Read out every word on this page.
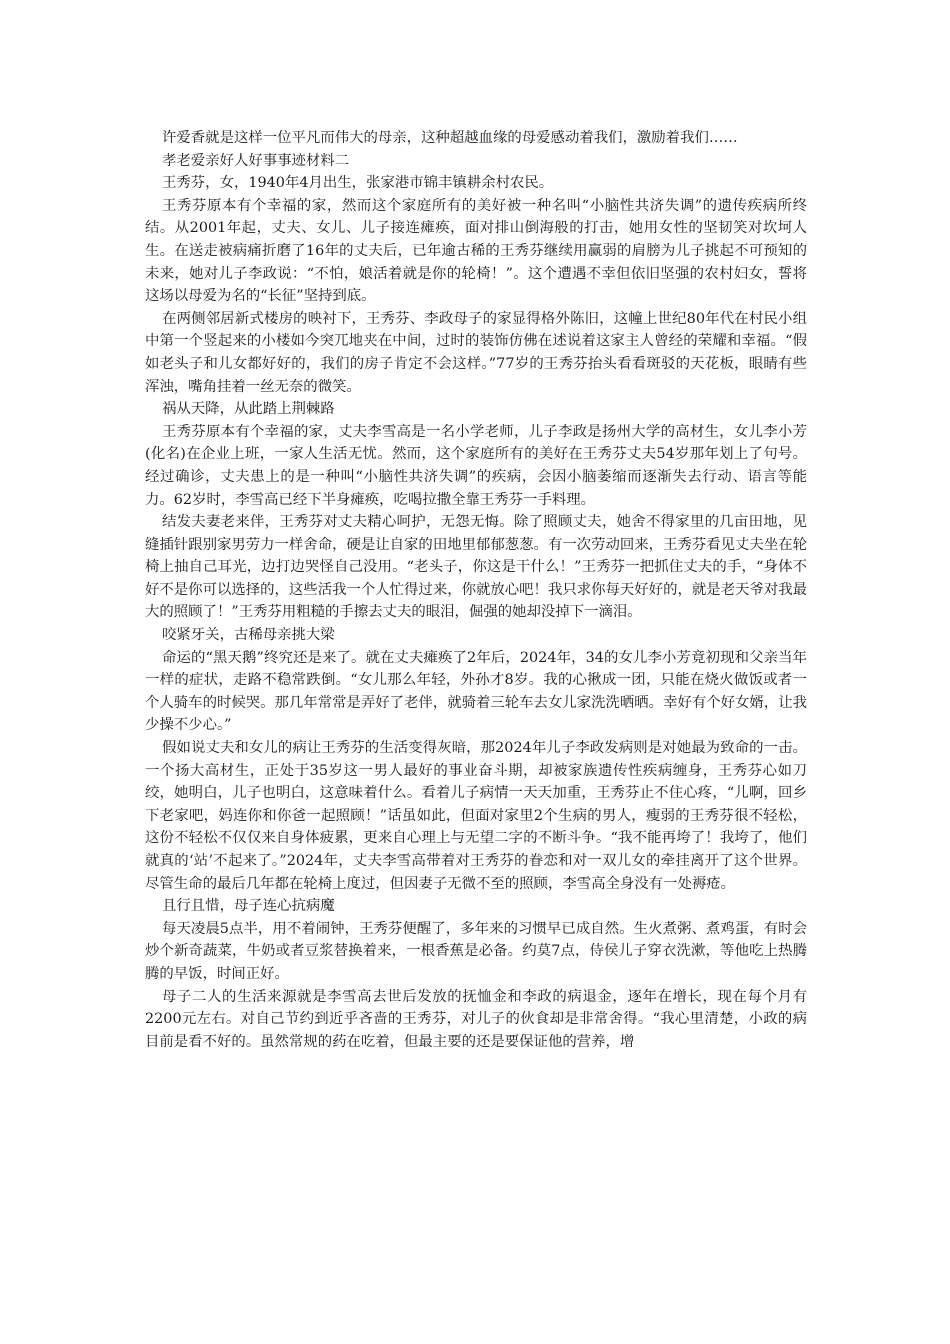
许爱香就是这样一位平凡而伟大的母亲，这种超越血缘的母爱感动着我们，激励着我们……

孝老爱亲好人好事事迹材料二

王秀芬，女，1940年4月出生，张家港市锦丰镇耕余村农民。

王秀芬原本有个幸福的家，然而这个家庭所有的美好被一种名叫“小脑性共济失调”的遗传疾病所终结。从2001年起，丈夫、女儿、儿子接连瘫痪，面对排山倒海般的打击，她用女性的坚韧笑对坎坷人生。在送走被病痛折磨了16年的丈夫后，已年逾古稀的王秀芬继续用赢弱的肩膀为儿子挑起不可预知的未来，她对儿子李政说：“不怕，娘活着就是你的轮椅！”。这个遭遇不幸但依旧坚强的农村妇女，誓将这场以母爱为名的“长征”坚持到底。

在两侧邻居新式楼房的映衬下，王秀芬、李政母子的家显得格外陈旧，这幢上世纪80年代在村民小组中第一个竖起来的小楼如今突兀地夹在中间，过时的装饰仿佛在述说着这家主人曾经的荣耀和幸福。“假如老头子和儿女都好好的，我们的房子肯定不会这样。”77岁的王秀芬抬头看看斑驳的天花板，眼睛有些浑浊，嘴角挂着一丝无奈的微笑。

祸从天降，从此踏上荆棘路

王秀芬原本有个幸福的家，丈夫李雪高是一名小学老师，儿子李政是扬州大学的高材生，女儿李小芳(化名)在企业上班，一家人生活无忧。然而，这个家庭所有的美好在王秀芬丈夫54岁那年划上了句号。经过确诊，丈夫患上的是一种叫“小脑性共济失调”的疾病，会因小脑萎缩而逐渐失去行动、语言等能力。62岁时，李雪高已经下半身瘫痪，吃喝拉撒全靠王秀芬一手料理。

结发夫妻老来伴，王秀芬对丈夫精心呵护，无怨无悔。除了照顾丈夫，她舍不得家里的几亩田地，见缝插针跟别家男劳力一样舍命，硬是让自家的田地里郁郁葱葱。有一次劳动回来，王秀芬看见丈夫坐在轮椅上抽自己耳光，边打边哭怪自己没用。“老头子，你这是干什么！”王秀芬一把抓住丈夫的手，“身体不好不是你可以选择的，这些活我一个人忙得过来，你就放心吧！我只求你每天好好的，就是老天爷对我最大的照顾了！”王秀芬用粗糙的手擦去丈夫的眼泪，倔强的她却没掉下一滴泪。

咬紧牙关，古稀母亲挑大梁

命运的“黑天鹅”终究还是来了。就在丈夫瘫痪了2年后，2024年，34的女儿李小芳竟初现和父亲当年一样的症状，走路不稳常跌倒。“女儿那么年轻，外孙才8岁。我的心揪成一团，只能在烧火做饭或者一个人骑车的时候哭。那几年常常是弄好了老伴，就骑着三轮车去女儿家洗洗晒晒。幸好有个好女婿，让我少操不少心。”

假如说丈夫和女儿的病让王秀芬的生活变得灰暗，那2024年儿子李政发病则是对她最为致命的一击。一个扬大高材生，正处于35岁这一男人最好的事业奋斗期，却被家族遗传性疾病缠身，王秀芬心如刀绞，她明白，儿子也明白，这意味着什么。看着儿子病情一天天加重，王秀芬止不住心疼，“儿啊，回乡下老家吧，妈连你和你爸一起照顾！”话虽如此，但面对家里2个生病的男人，瘦弱的王秀芬很不轻松，这份不轻松不仅仅来自身体疲累，更来自心理上与无望二字的不断斗争。“我不能再垮了！我垮了，他们就真的‘站’不起来了。”2024年，丈夫李雪高带着对王秀芬的眷恋和对一双儿女的牵挂离开了这个世界。尽管生命的最后几年都在轮椅上度过，但因妻子无微不至的照顾，李雪高全身没有一处褥疮。

且行且惜，母子连心抗病魔

每天凌晨5点半，用不着闹钟，王秀芬便醒了，多年来的习惯早已成自然。生火煮粥、煮鸡蛋，有时会炒个新奇蔬菜，牛奶或者豆浆替换着来，一根香蕉是必备。约莫7点，侍侯儿子穿衣洗漱，等他吃上热腾腾的早饭，时间正好。

母子二人的生活来源就是李雪高去世后发放的抚恤金和李政的病退金，逐年在增长，现在每个月有2200元左右。对自己节约到近乎吝啬的王秀芬，对儿子的伙食却是非常舍得。“我心里清楚，小政的病目前是看不好的。虽然常规的药在吃着，但最主要的还是要保证他的营养，增
